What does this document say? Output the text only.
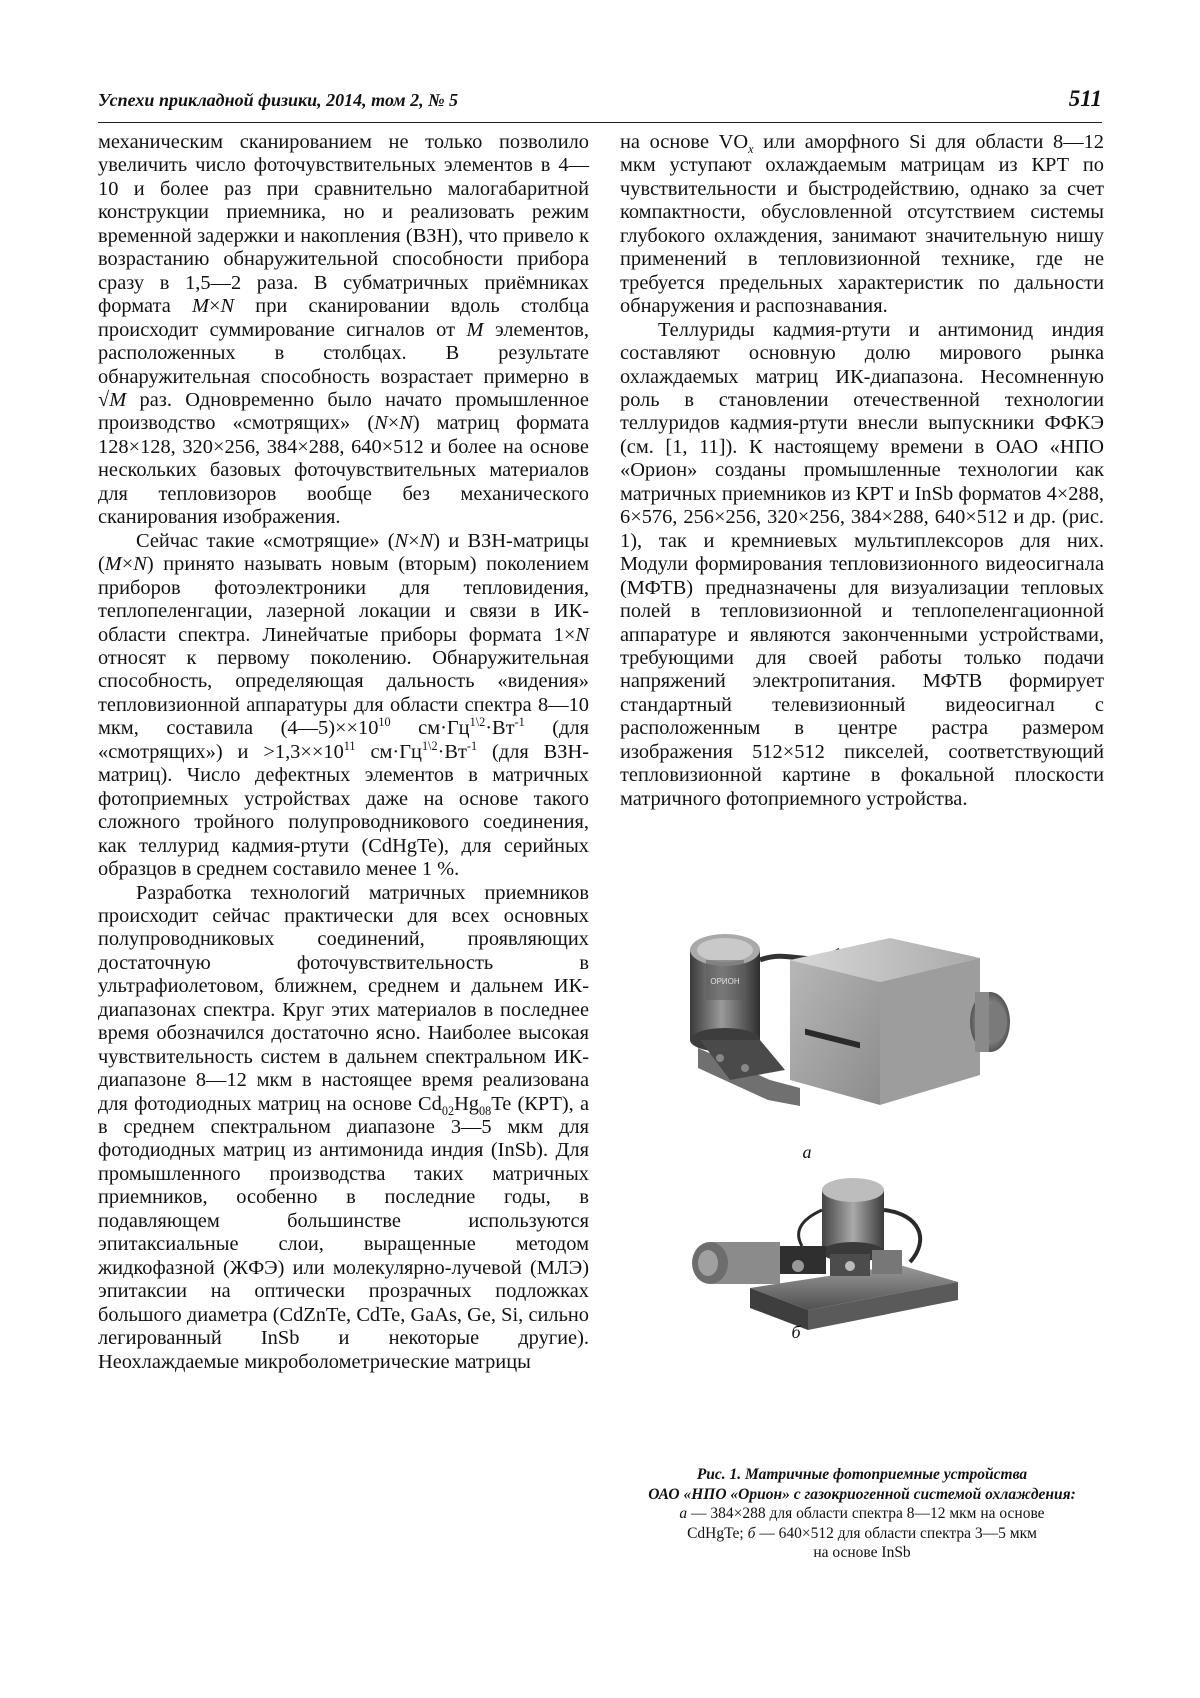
Успехи прикладной физики, 2014, том 2, № 5	511

механическим сканированием не только позволило увеличить число фоточувствительных элементов в 4—10 и более раз при сравнительно малогабаритной конструкции приемника, но и реализовать режим временной задержки и накопления (ВЗН), что привело к возрастанию обнаружительной способности прибора сразу в 1,5—2 раза. В субматричных приёмниках формата M×N при сканировании вдоль столбца происходит суммирование сигналов от M элементов, расположенных в столбцах. В результате обнаружительная способность возрастает примерно в √M раз. Одновременно было начато промышленное производство «смотрящих» (N×N) матриц формата 128×128, 320×256, 384×288, 640×512 и более на основе нескольких базовых фоточувствительных материалов для тепловизоров вообще без механического сканирования изображения.

Сейчас такие «смотрящие» (N×N) и ВЗН-матрицы (M×N) принято называть новым (вторым) поколением приборов фотоэлектроники для тепловидения, теплопеленгации, лазерной локации и связи в ИК- области спектра. Линейчатые приборы формата 1×N относят к первому поколению. Обнаружительная способность, определяющая дальность «видения» тепловизионной аппаратуры для области спектра 8—10 мкм, составила $(4—5)\times\times 10^{10}$ $см\cdot Гц^{1\backslash 2}\cdot Вт^{-1}$ (для «смотрящих») $и >1,3\times\times 10^{11}$ $см\cdot Гц^{1\backslash 2}\cdot Вт^{-1}$ (для ВЗН-матриц). Число дефектных элементов в матричных фотоприемных устройствах даже на основе такого сложного тройного полупроводникового соединения, как теллурид кадмия-ртути (CdHgTe), для серийных образцов в среднем составило менее 1 %.

Разработка технологий матричных приемников происходит сейчас практически для всех основных полупроводниковых соединений, проявляющих достаточную фоточувствительность в ультрафиолетовом, ближнем, среднем и дальнем ИК-диапазонах спектра. Круг этих материалов в последнее время обозначился достаточно ясно. Наиболее высокая чувствительность систем в дальнем спектральном ИК-диапазоне 8—12 мкм в настоящее время реализована для фотодиодных матриц на основе $Cd_{02}Hg_{08}Te$ (КРТ), а в среднем спектральном диапазоне 3—5 мкм для фотодиодных матриц из антимонида индия (InSb). Для промышленного производства таких матричных приемников, особенно в последние годы, в подавляющем большинстве используются эпитаксиальные слои, выращенные методом жидкофазной (ЖФЭ) или молекулярно-лучевой (МЛЭ) эпитаксии на оптически прозрачных подложках большого диаметра (CdZnTe, CdTe, GaAs, Ge, Si, сильно легированный InSb и некоторые другие). Неохлаждаемые микроболометрические матрицы

на основе $VO_x$ или аморфного Si для области 8—12 мкм уступают охлаждаемым матрицам из КРТ по чувствительности и быстродействию, однако за счет компактности, обусловленной отсутствием системы глубокого охлаждения, занимают значительную нишу применений в тепловизионной технике, где не требуется предельных характеристик по дальности обнаружения и распознавания.

Теллуриды кадмия-ртути и антимонид индия составляют основную долю мирового рынка охлаждаемых матриц ИК-диапазона. Несомненную роль в становлении отечественной технологии теллуридов кадмия-ртути внесли выпускники ФФКЭ (см. [1, 11]). К настоящему времени в ОАО «НПО «Орион» созданы промышленные технологии как матричных приемников из КРТ и InSb форматов 4×288, 6×576, 256×256, 320×256, 384×288, 640×512 и др. (рис. 1), так и кремниевых мультиплексоров для них. Модули формирования тепловизионного видеосигнала (МФТВ) предназначены для визуализации тепловых полей в тепловизионной и теплопеленгационной аппаратуре и являются законченными устройствами, требующими для своей работы только подачи напряжений электропитания. МФТВ формирует стандартный телевизионный видеосигнал с расположенным в центре растра размером изображения 512×512 пикселей, соответствующий тепловизионной картине в фокальной плоскости матричного фотоприемного устройства.

ОРИОН
а
б
Рис. 1. Матричные фотоприемные устройства
ОАО «НПО «Орион» с газокриогенной системой охлаждения:
а — 384×288 для области спектра 8—12 мкм на основе
CdHgTe; б — 640×512 для области спектра 3—5 мкм
на основе InSb
